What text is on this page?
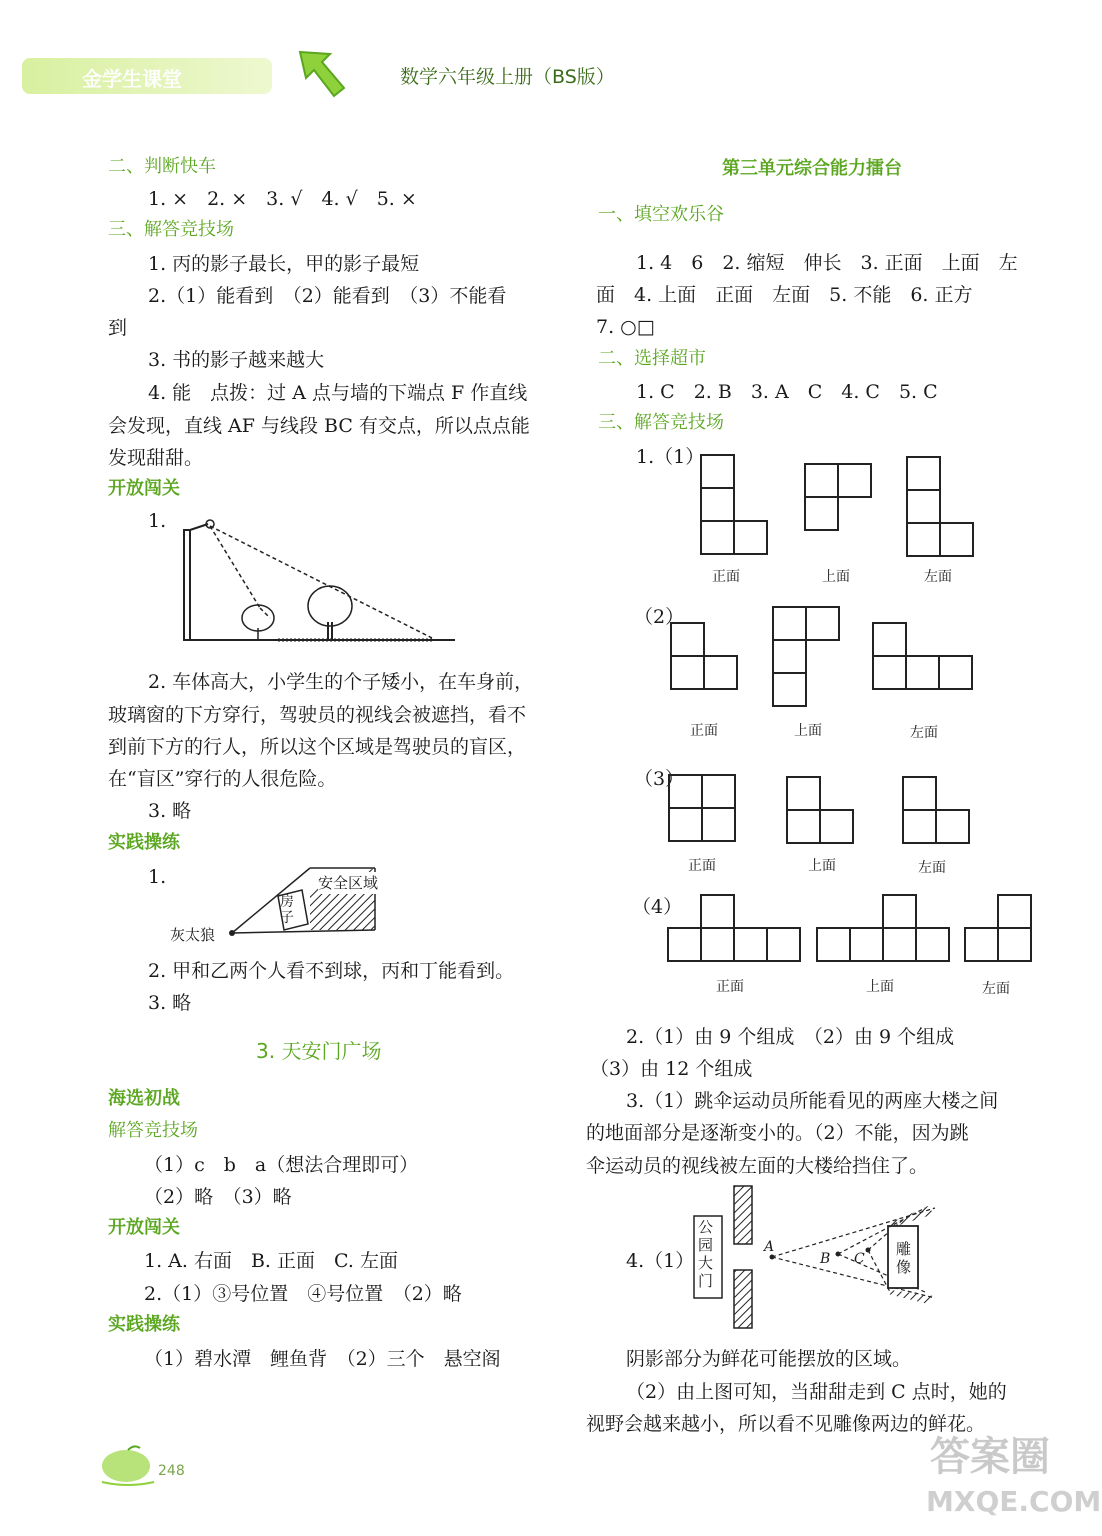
金学生课堂	数学六年级上册（BS版）
二、判断快车
1. ×　2. ×　3. √　4. √　5. ×
三、解答竞技场
1. 丙的影子最长，甲的影子最短
2.（1）能看到　（2）能看到　（3）不能看
到
3. 书的影子越来越大
4. 能　点拨：过 A 点与墙的下端点 F 作直线
会发现，直线 AF 与线段 BC 有交点，所以点点能
发现甜甜。
开放闯关
1.
2. 车体高大，小学生的个子矮小，在车身前，
玻璃窗的下方穿行，驾驶员的视线会被遮挡，看不
到前下方的行人，所以这个区域是驾驶员的盲区，
在“盲区”穿行的人很危险。
3. 略
实践操练
1.	安全区域
房子
灰太狼
2. 甲和乙两个人看不到球，丙和丁能看到。
3. 略
3. 天安门广场
海选初战
解答竞技场
（1）c　b　a（想法合理即可）
（2）略　（3）略
开放闯关
1. A. 右面　B. 正面　C. 左面
2.（1）③号位置　④号位置　（2）略
实践操练
（1）碧水潭　鲤鱼背　（2）三个　悬空阁
第三单元综合能力擂台
一、填空欢乐谷
1. 4　6　2. 缩短　伸长　3. 正面　上面　左
面　4. 上面　正面　左面　5. 不能　6. 正方
7. ○□
二、选择超市
1. C　2. B　3. A　C　4. C　5. C
三、解答竞技场
1.（1）
正面	上面	左面
（2）
正面	上面	左面
（3）
正面	上面	左面
（4）
正面	上面	左面
2.（1）由 9 个组成　（2）由 9 个组成
（3）由 12 个组成
3.（1）跳伞运动员所能看见的两座大楼之间
的地面部分是逐渐变小的。（2）不能，因为跳
伞运动员的视线被左面的大楼给挡住了。
4.（1）
公园大门
雕像
A
B C
阴影部分为鲜花可能摆放的区域。
（2）由上图可知，当甜甜走到 C 点时，她的
视野会越来越小，所以看不见雕像两边的鲜花。
248	答案圈
MXQE.COM
